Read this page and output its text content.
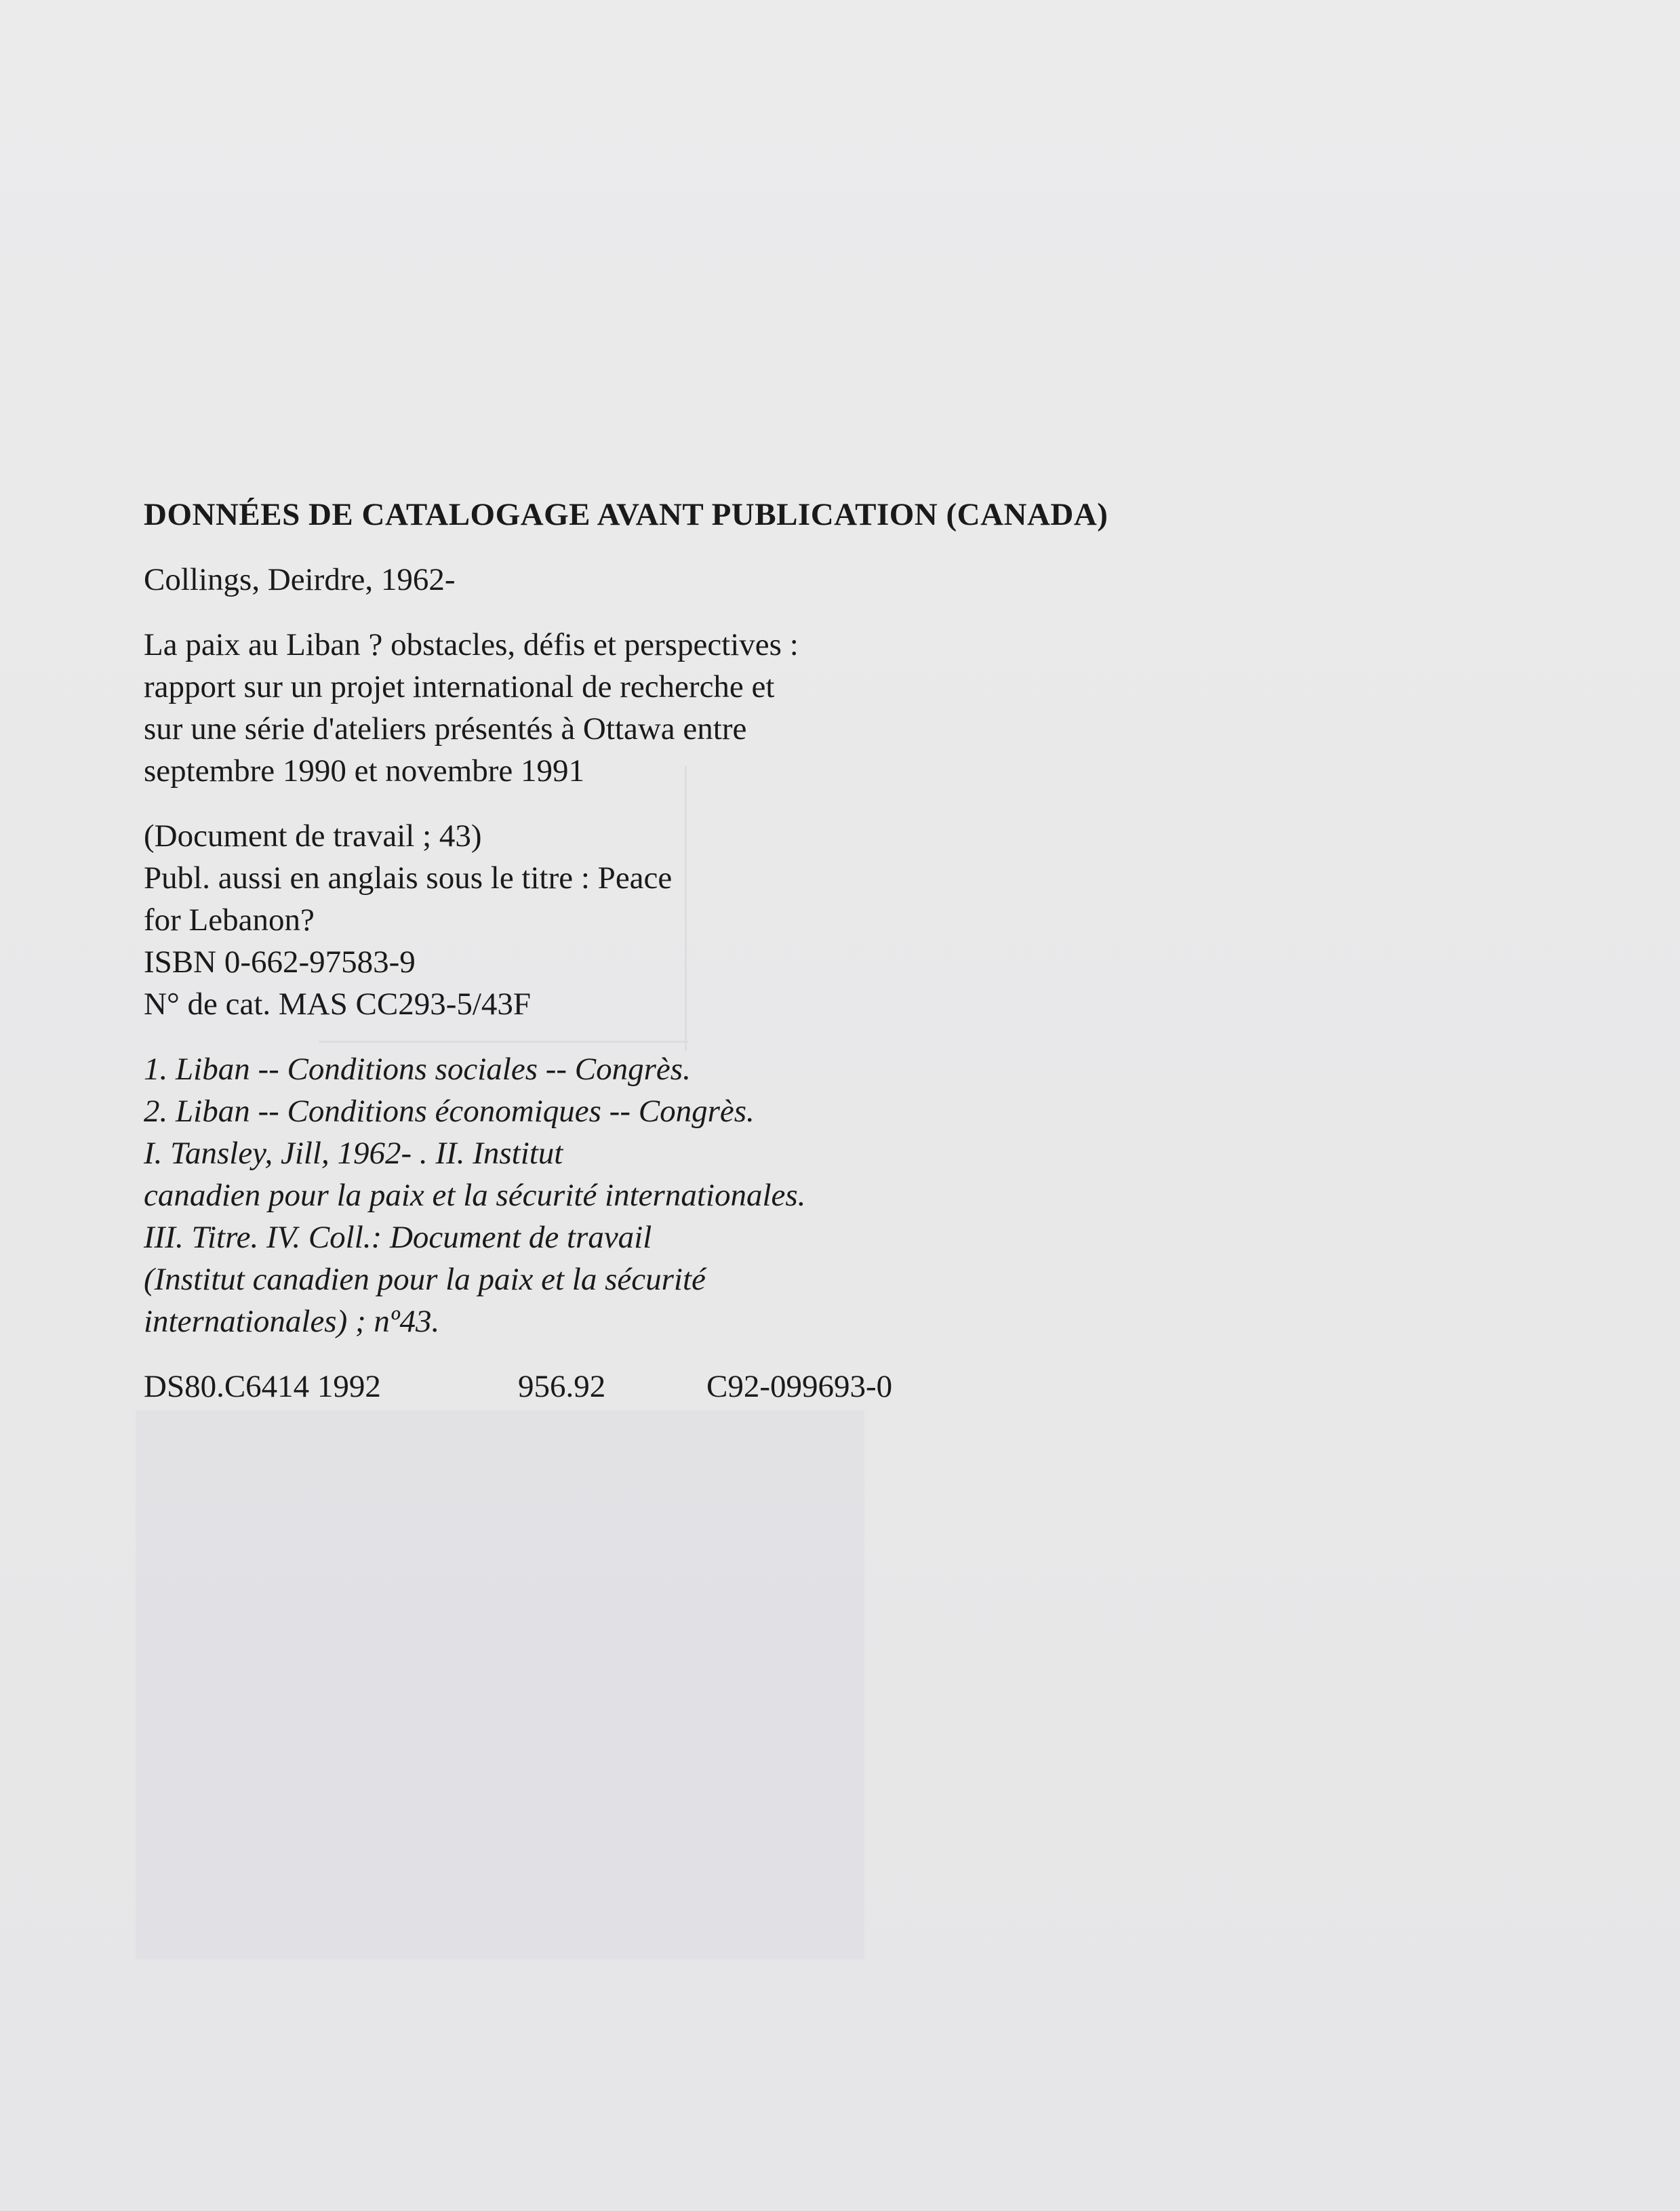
DONNÉES DE CATALOGAGE AVANT PUBLICATION (CANADA)
Collings, Deirdre, 1962-
La paix au Liban ? obstacles, défis et perspectives :
rapport sur un projet international de recherche et
sur une série d'ateliers présentés à Ottawa entre
septembre 1990 et novembre 1991
(Document de travail ; 43)
Publ. aussi en anglais sous le titre : Peace
for Lebanon?
ISBN 0-662-97583-9
N° de cat. MAS CC293-5/43F
1. Liban -- Conditions sociales -- Congrès.
2. Liban -- Conditions économiques -- Congrès.
I. Tansley, Jill, 1962- . II. Institut
canadien pour la paix et la sécurité internationales.
III. Titre. IV. Coll.: Document de travail
(Institut canadien pour la paix et la sécurité
internationales) ; nº43.
DS80.C6414 1992	956.92	C92-099693-0
